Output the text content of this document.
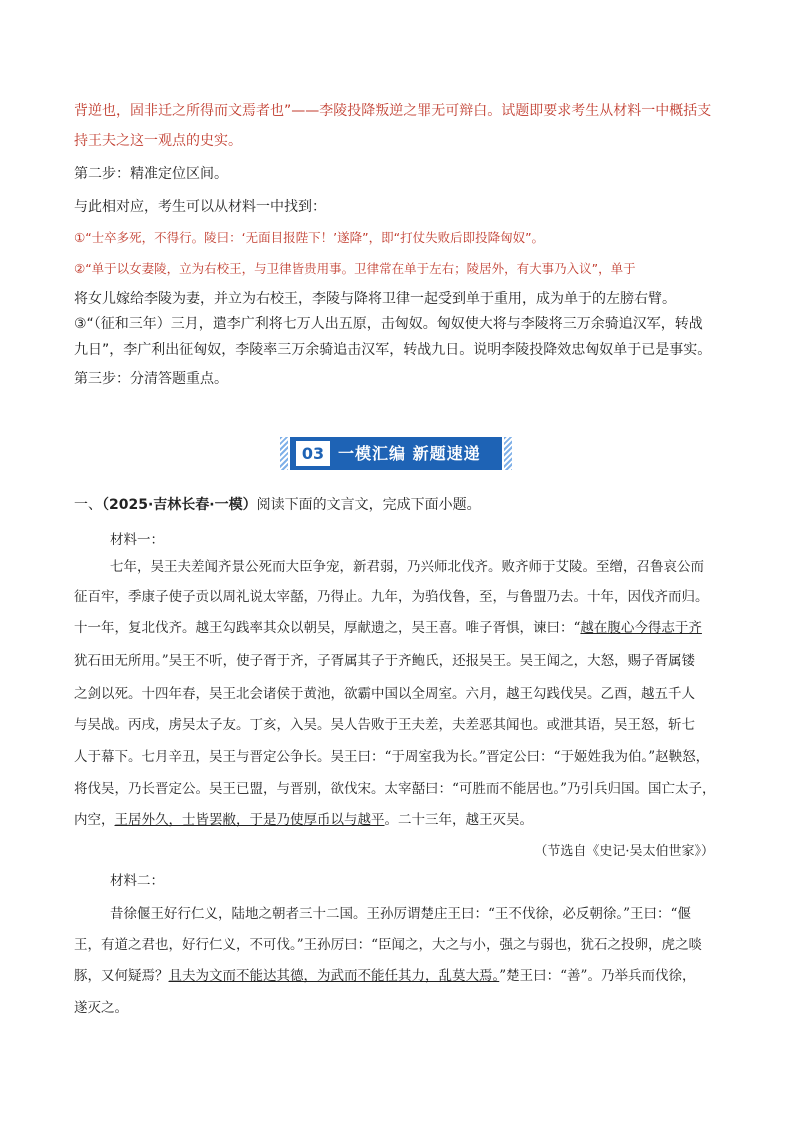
背逆也，固非迁之所得而文焉者也”——李陵投降叛逆之罪无可辩白。试题即要求考生从材料一中概括支
持王夫之这一观点的史实。
第二步：精准定位区间。
与此相对应，考生可以从材料一中找到：
①“士卒多死，不得行。陵曰：‘无面目报陛下！’遂降”，即“打仗失败后即投降匈奴”。
②“单于以女妻陵，立为右校王，与卫律皆贵用事。卫律常在单于左右；陵居外，有大事乃入议”，单于
将女儿嫁给李陵为妻，并立为右校王，李陵与降将卫律一起受到单于重用，成为单于的左膀右臂。
③“（征和三年）三月，遣李广利将七万人出五原，击匈奴。匈奴使大将与李陵将三万余骑追汉军，转战
九日”，李广利出征匈奴，李陵率三万余骑追击汉军，转战九日。说明李陵投降效忠匈奴单于已是事实。
第三步：分清答题重点。
03 一模汇编 新题速递
一、（2025·吉林长春·一模）阅读下面的文言文，完成下面小题。
材料一：
七年，吴王夫差闻齐景公死而大臣争宠，新君弱，乃兴师北伐齐。败齐师于艾陵。至缯，召鲁哀公而
征百牢，季康子使子贡以周礼说太宰嚭，乃得止。九年，为驺伐鲁，至，与鲁盟乃去。十年，因伐齐而归。
十一年，复北伐齐。越王勾践率其众以朝吴，厚献遗之，吴王喜。唯子胥惧，谏曰：“越在腹心今得志于齐
犹石田无所用。”吴王不听，使子胥于齐，子胥属其子于齐鲍氏，还报吴王。吴王闻之，大怒，赐子胥属镂
之剑以死。十四年春，吴王北会诸侯于黄池，欲霸中国以全周室。六月，越王勾践伐吴。乙酉，越五千人
与吴战。丙戌，虏吴太子友。丁亥，入吴。吴人告败于王夫差，夫差恶其闻也。或泄其语，吴王怒，斩七
人于幕下。七月辛丑，吴王与晋定公争长。吴王曰：“于周室我为长。”晋定公曰：“于姬姓我为伯。”赵鞅怒，
将伐吴，乃长晋定公。吴王已盟，与晋别，欲伐宋。太宰嚭曰：“可胜而不能居也。”乃引兵归国。国亡太子，
内空，王居外久，士皆罢敝，于是乃使厚币以与越平。二十三年，越王灭吴。
（节选自《史记·吴太伯世家》）
材料二：
昔徐偃王好行仁义，陆地之朝者三十二国。王孙厉谓楚庄王曰：“王不伐徐，必反朝徐。”王曰：“偃
王，有道之君也，好行仁义，不可伐。”王孙厉曰：“臣闻之，大之与小，强之与弱也，犹石之投卵，虎之啖
豚，又何疑焉？且夫为文而不能达其德，为武而不能任其力，乱莫大焉。”楚王曰：“善”。乃举兵而伐徐，
遂灭之。
